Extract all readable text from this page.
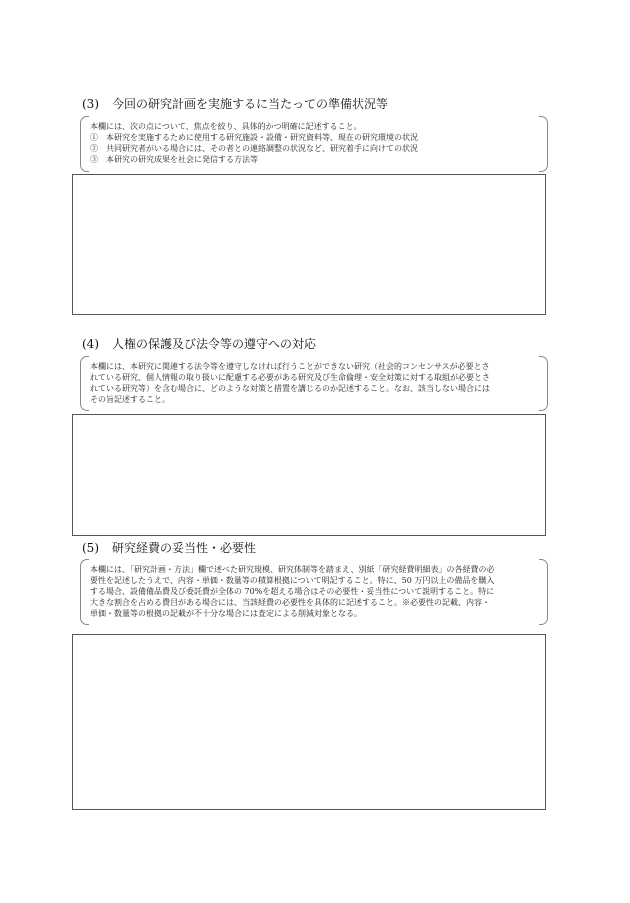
(3) 今回の研究計画を実施するに当たっての準備状況等

本欄には、次の点について、焦点を絞り、具体的かつ明確に記述すること。

①　本研究を実施するために使用する研究施設・設備・研究資料等、現在の研究環境の状況

②　共同研究者がいる場合には、その者との連絡調整の状況など、研究着手に向けての状況

③　本研究の研究成果を社会に発信する方法等

(4) 人権の保護及び法令等の遵守への対応

本欄には、本研究に関連する法令等を遵守しなければ行うことができない研究（社会的コンセンサスが必要とさ

れている研究、個人情報の取り扱いに配慮する必要がある研究及び生命倫理・安全対策に対する取組が必要とさ

れている研究等）を含む場合に、どのような対策と措置を講じるのか記述すること。なお、該当しない場合には

その旨記述すること。

(5) 研究経費の妥当性・必要性

本欄には、「研究計画・方法」欄で述べた研究規模、研究体制等を踏まえ、別紙「研究経費明細表」の各経費の必

要性を記述したうえで、内容・単価・数量等の積算根拠について明記すること。特に、50 万円以上の備品を購入

する場合、設備備品費及び委託費が全体の 70%を超える場合はその必要性・妥当性について説明すること。特に

大きな割合を占める費目がある場合には、当該経費の必要性を具体的に記述すること。※必要性の記載、内容・

単価・数量等の根拠の記載が不十分な場合には査定による削減対象となる。
